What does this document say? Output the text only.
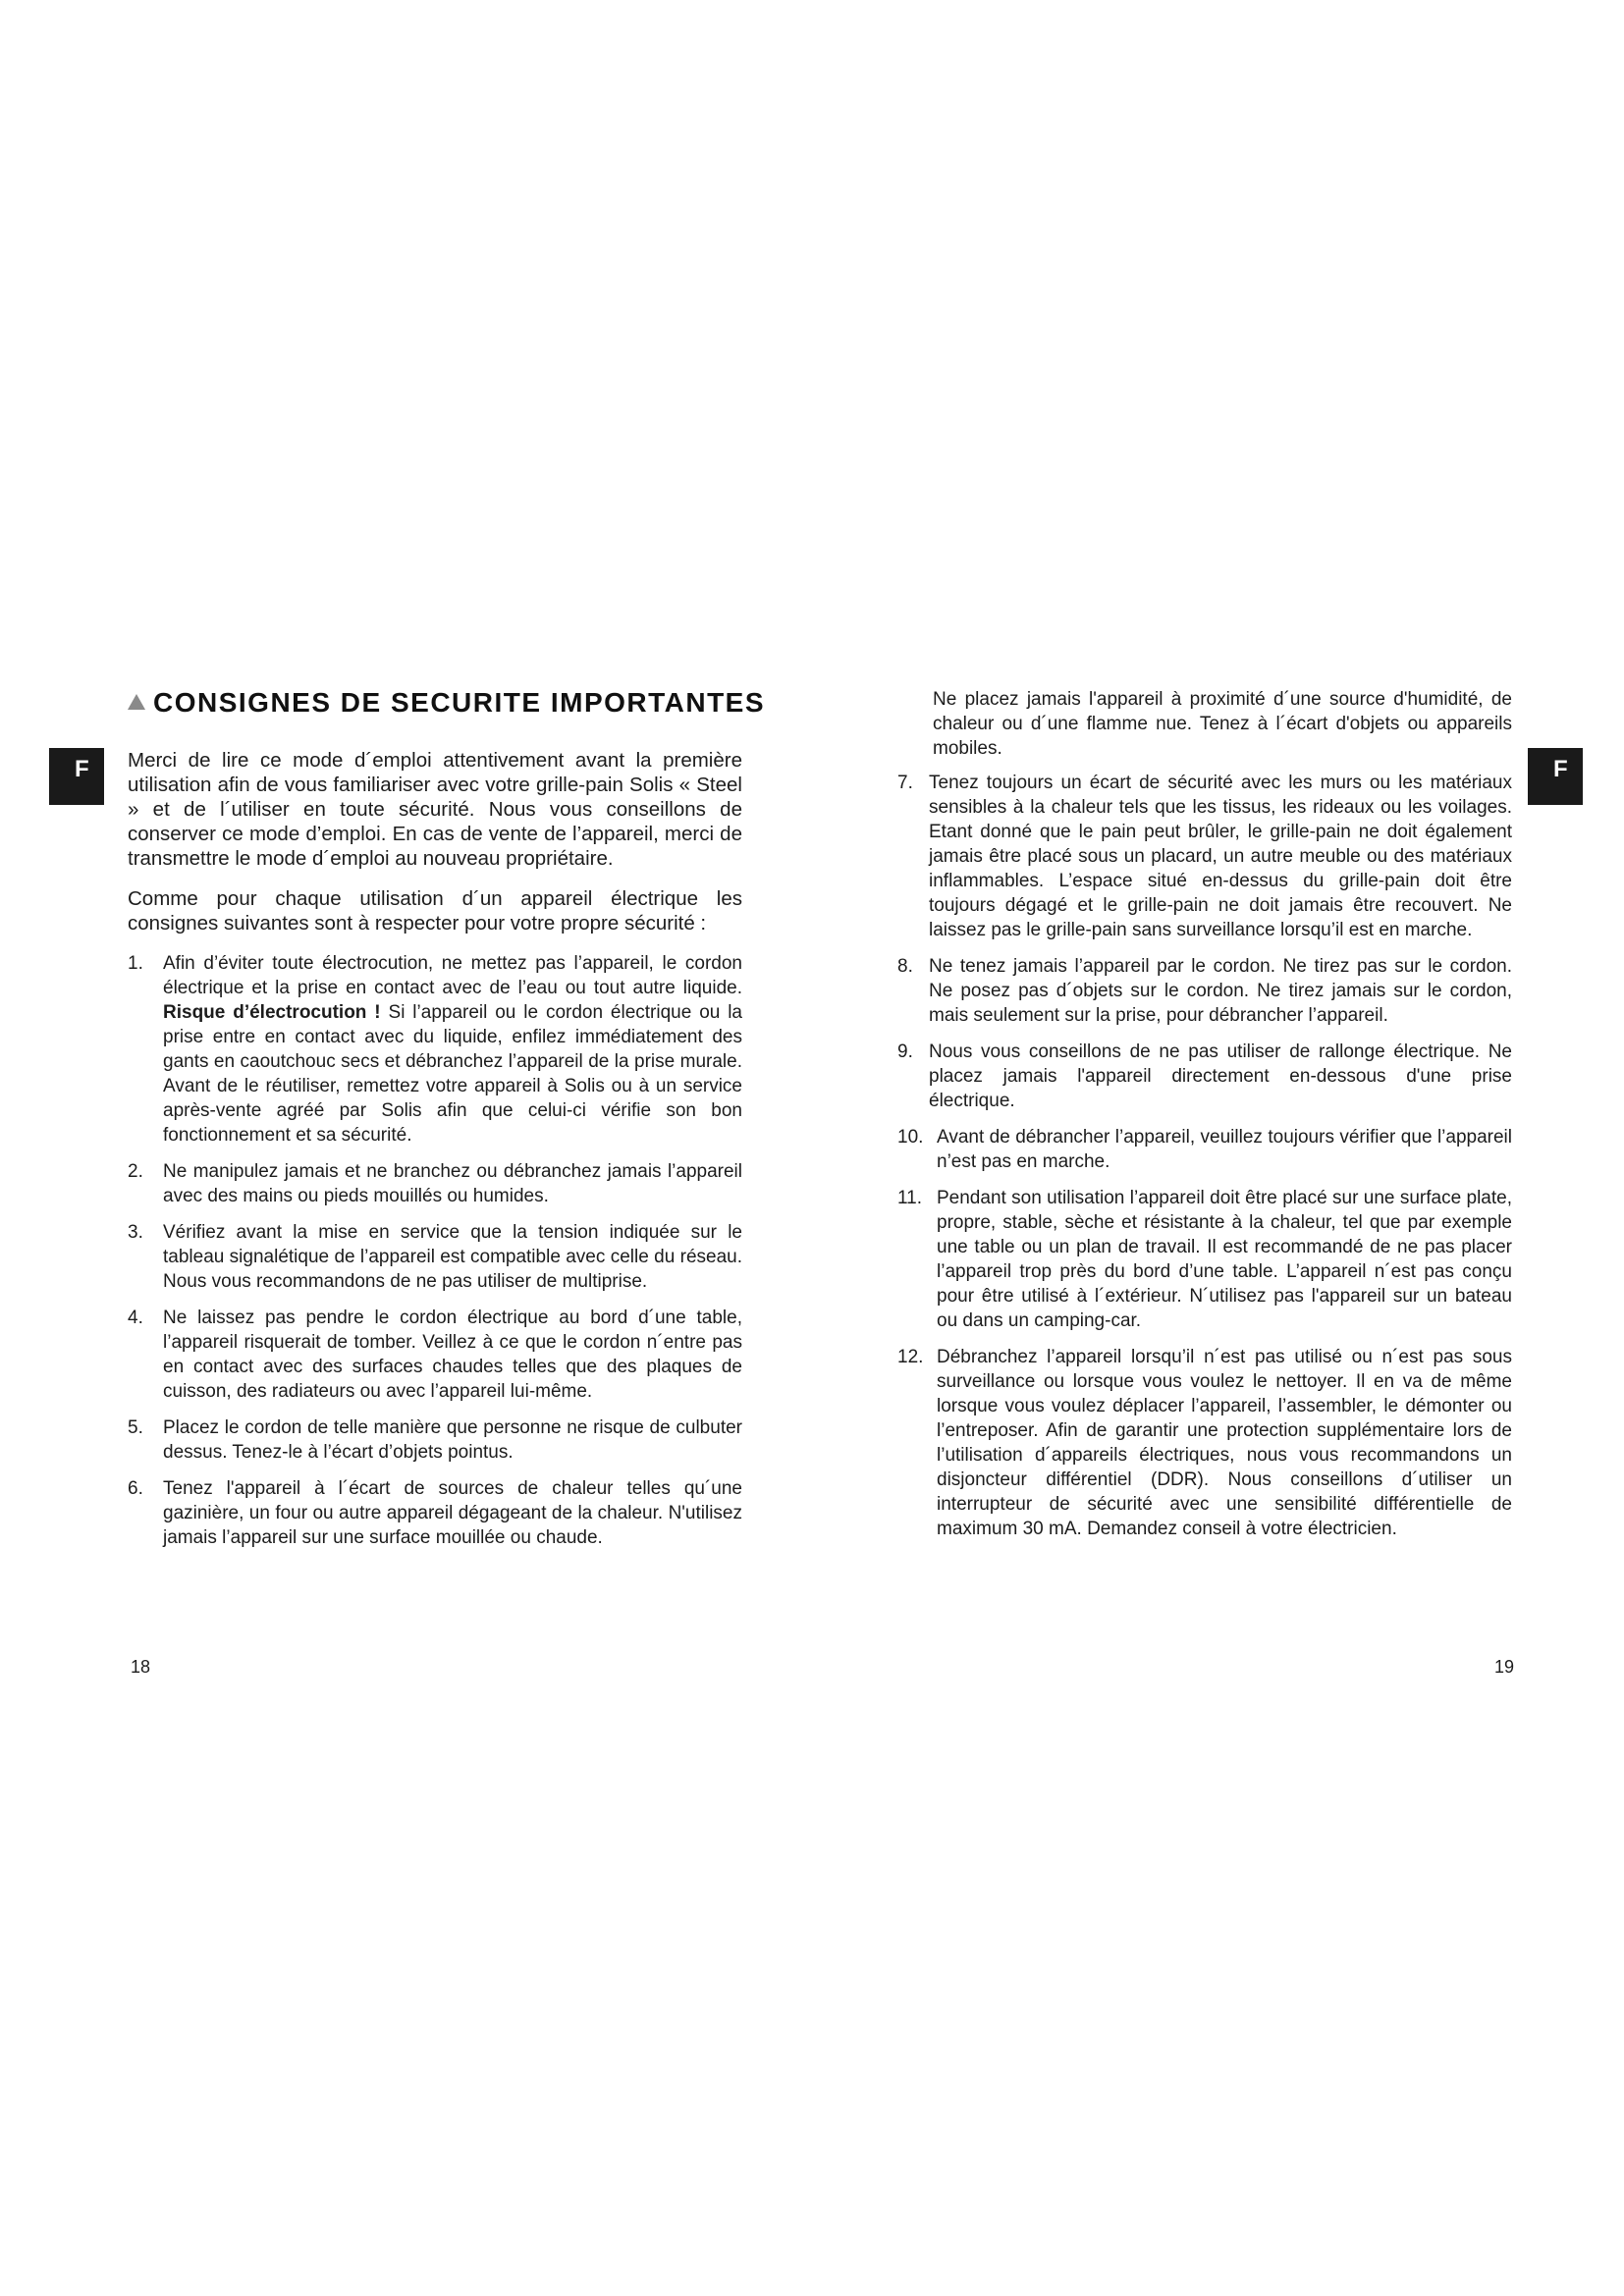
F	F
CONSIGNES DE SECURITE IMPORTANTES

Merci de lire ce mode d´emploi attentivement avant la première utilisation afin de vous familiariser avec votre grille-pain Solis « Steel » et de l´utiliser en toute sécurité. Nous vous conseillons de conserver ce mode d’emploi. En cas de vente de l’appareil, merci de transmettre le mode d´emploi au nouveau propriétaire.

Comme pour chaque utilisation d´un appareil électrique les consignes suivantes sont à respecter pour votre propre sécurité :

1. Afin d’éviter toute électrocution, ne mettez pas l’appareil, le cordon électrique et la prise en contact avec de l’eau ou tout autre liquide. Risque d’électrocution ! Si l’appareil ou le cordon électrique ou la prise entre en contact avec du liquide, enfilez immédiatement des gants en caoutchouc secs et débranchez l’appareil de la prise murale. Avant de le réutiliser, remettez votre appareil à Solis ou à un service après-vente agréé par Solis afin que celui-ci vérifie son bon fonctionnement et sa sécurité.
2. Ne manipulez jamais et ne branchez ou débranchez jamais l’appareil avec des mains ou pieds mouillés ou humides.
3. Vérifiez avant la mise en service que la tension indiquée sur le tableau signalétique de l’appareil est compatible avec celle du réseau. Nous vous recommandons de ne pas utiliser de multiprise.
4. Ne laissez pas pendre le cordon électrique au bord d´une table, l’appareil risquerait de tomber. Veillez à ce que le cordon n´entre pas en contact avec des surfaces chaudes telles que des plaques de cuisson, des radiateurs ou avec l’appareil lui-même.
5. Placez le cordon de telle manière que personne ne risque de culbuter dessus. Tenez-le à l’écart d’objets pointus.
6. Tenez l'appareil à l´écart de sources de chaleur telles qu´une gazinière, un four ou autre appareil dégageant de la chaleur. N'utilisez jamais l’appareil sur une surface mouillée ou chaude.

Ne placez jamais l'appareil à proximité d´une source d'humidité, de chaleur ou d´une flamme nue. Tenez à l´écart d'objets ou appareils mobiles.

7. Tenez toujours un écart de sécurité avec les murs ou les matériaux sensibles à la chaleur tels que les tissus, les rideaux ou les voilages. Etant donné que le pain peut brûler, le grille-pain ne doit également jamais être placé sous un placard, un autre meuble ou des matériaux inflammables. L’espace situé en-dessus du grille-pain doit être toujours dégagé et le grille-pain ne doit jamais être recouvert. Ne laissez pas le grille-pain sans surveillance lorsqu’il est en marche.
8. Ne tenez jamais l’appareil par le cordon. Ne tirez pas sur le cordon. Ne posez pas d´objets sur le cordon. Ne tirez jamais sur le cordon, mais seulement sur la prise, pour débrancher l’appareil.
9. Nous vous conseillons de ne pas utiliser de rallonge électrique. Ne placez jamais l'appareil directement en-dessous d'une prise électrique.
10. Avant de débrancher l’appareil, veuillez toujours vérifier que l’appareil n’est pas en marche.
11. Pendant son utilisation l’appareil doit être placé sur une surface plate, propre, stable, sèche et résistante à la chaleur, tel que par exemple une table ou un plan de travail. Il est recommandé de ne pas placer l’appareil trop près du bord d’une table. L’appareil n´est pas conçu pour être utilisé à l´extérieur. N´utilisez pas l'appareil sur un bateau ou dans un camping-car.
12. Débranchez l’appareil lorsqu’il n´est pas utilisé ou n´est pas sous surveillance ou lorsque vous voulez le nettoyer. Il en va de même lorsque vous voulez déplacer l’appareil, l’assembler, le démonter ou l’entreposer. Afin de garantir une protection supplémentaire lors de l’utilisation d´appareils électriques, nous vous recommandons un disjoncteur différentiel (DDR). Nous conseillons d´utiliser un interrupteur de sécurité avec une sensibilité différentielle de maximum 30 mA. Demandez conseil à votre électricien.
18	19
